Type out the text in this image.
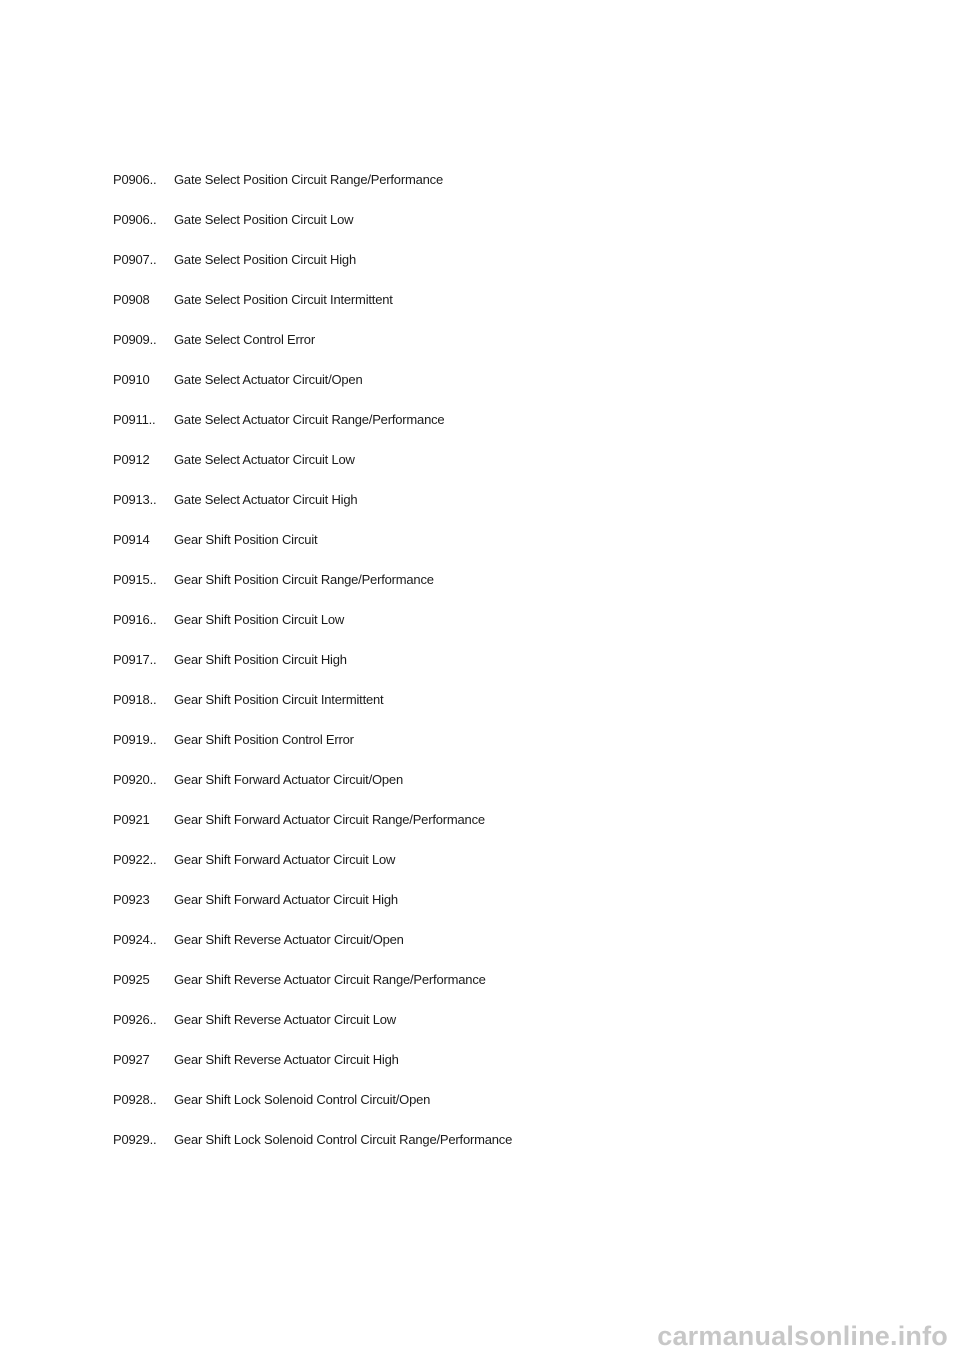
P0906..	Gate Select Position Circuit Range/Performance
P0906..	Gate Select Position Circuit Low
P0907..	Gate Select Position Circuit High
P0908	Gate Select Position Circuit Intermittent
P0909..	Gate Select Control Error
P0910	Gate Select Actuator Circuit/Open
P0911..	Gate Select Actuator Circuit Range/Performance
P0912	Gate Select Actuator Circuit Low
P0913..	Gate Select Actuator Circuit High
P0914	Gear Shift Position Circuit
P0915..	Gear Shift Position Circuit Range/Performance
P0916..	Gear Shift Position Circuit Low
P0917..	Gear Shift Position Circuit High
P0918..	Gear Shift Position Circuit Intermittent
P0919..	Gear Shift Position Control Error
P0920..	Gear Shift Forward Actuator Circuit/Open
P0921	Gear Shift Forward Actuator Circuit Range/Performance
P0922..	Gear Shift Forward Actuator Circuit Low
P0923	Gear Shift Forward Actuator Circuit High
P0924..	Gear Shift Reverse Actuator Circuit/Open
P0925	Gear Shift Reverse Actuator Circuit Range/Performance
P0926..	Gear Shift Reverse Actuator Circuit Low
P0927	Gear Shift Reverse Actuator Circuit High
P0928..	Gear Shift Lock Solenoid Control Circuit/Open
P0929..	Gear Shift Lock Solenoid Control Circuit Range/Performance
carmanualsonline.info
